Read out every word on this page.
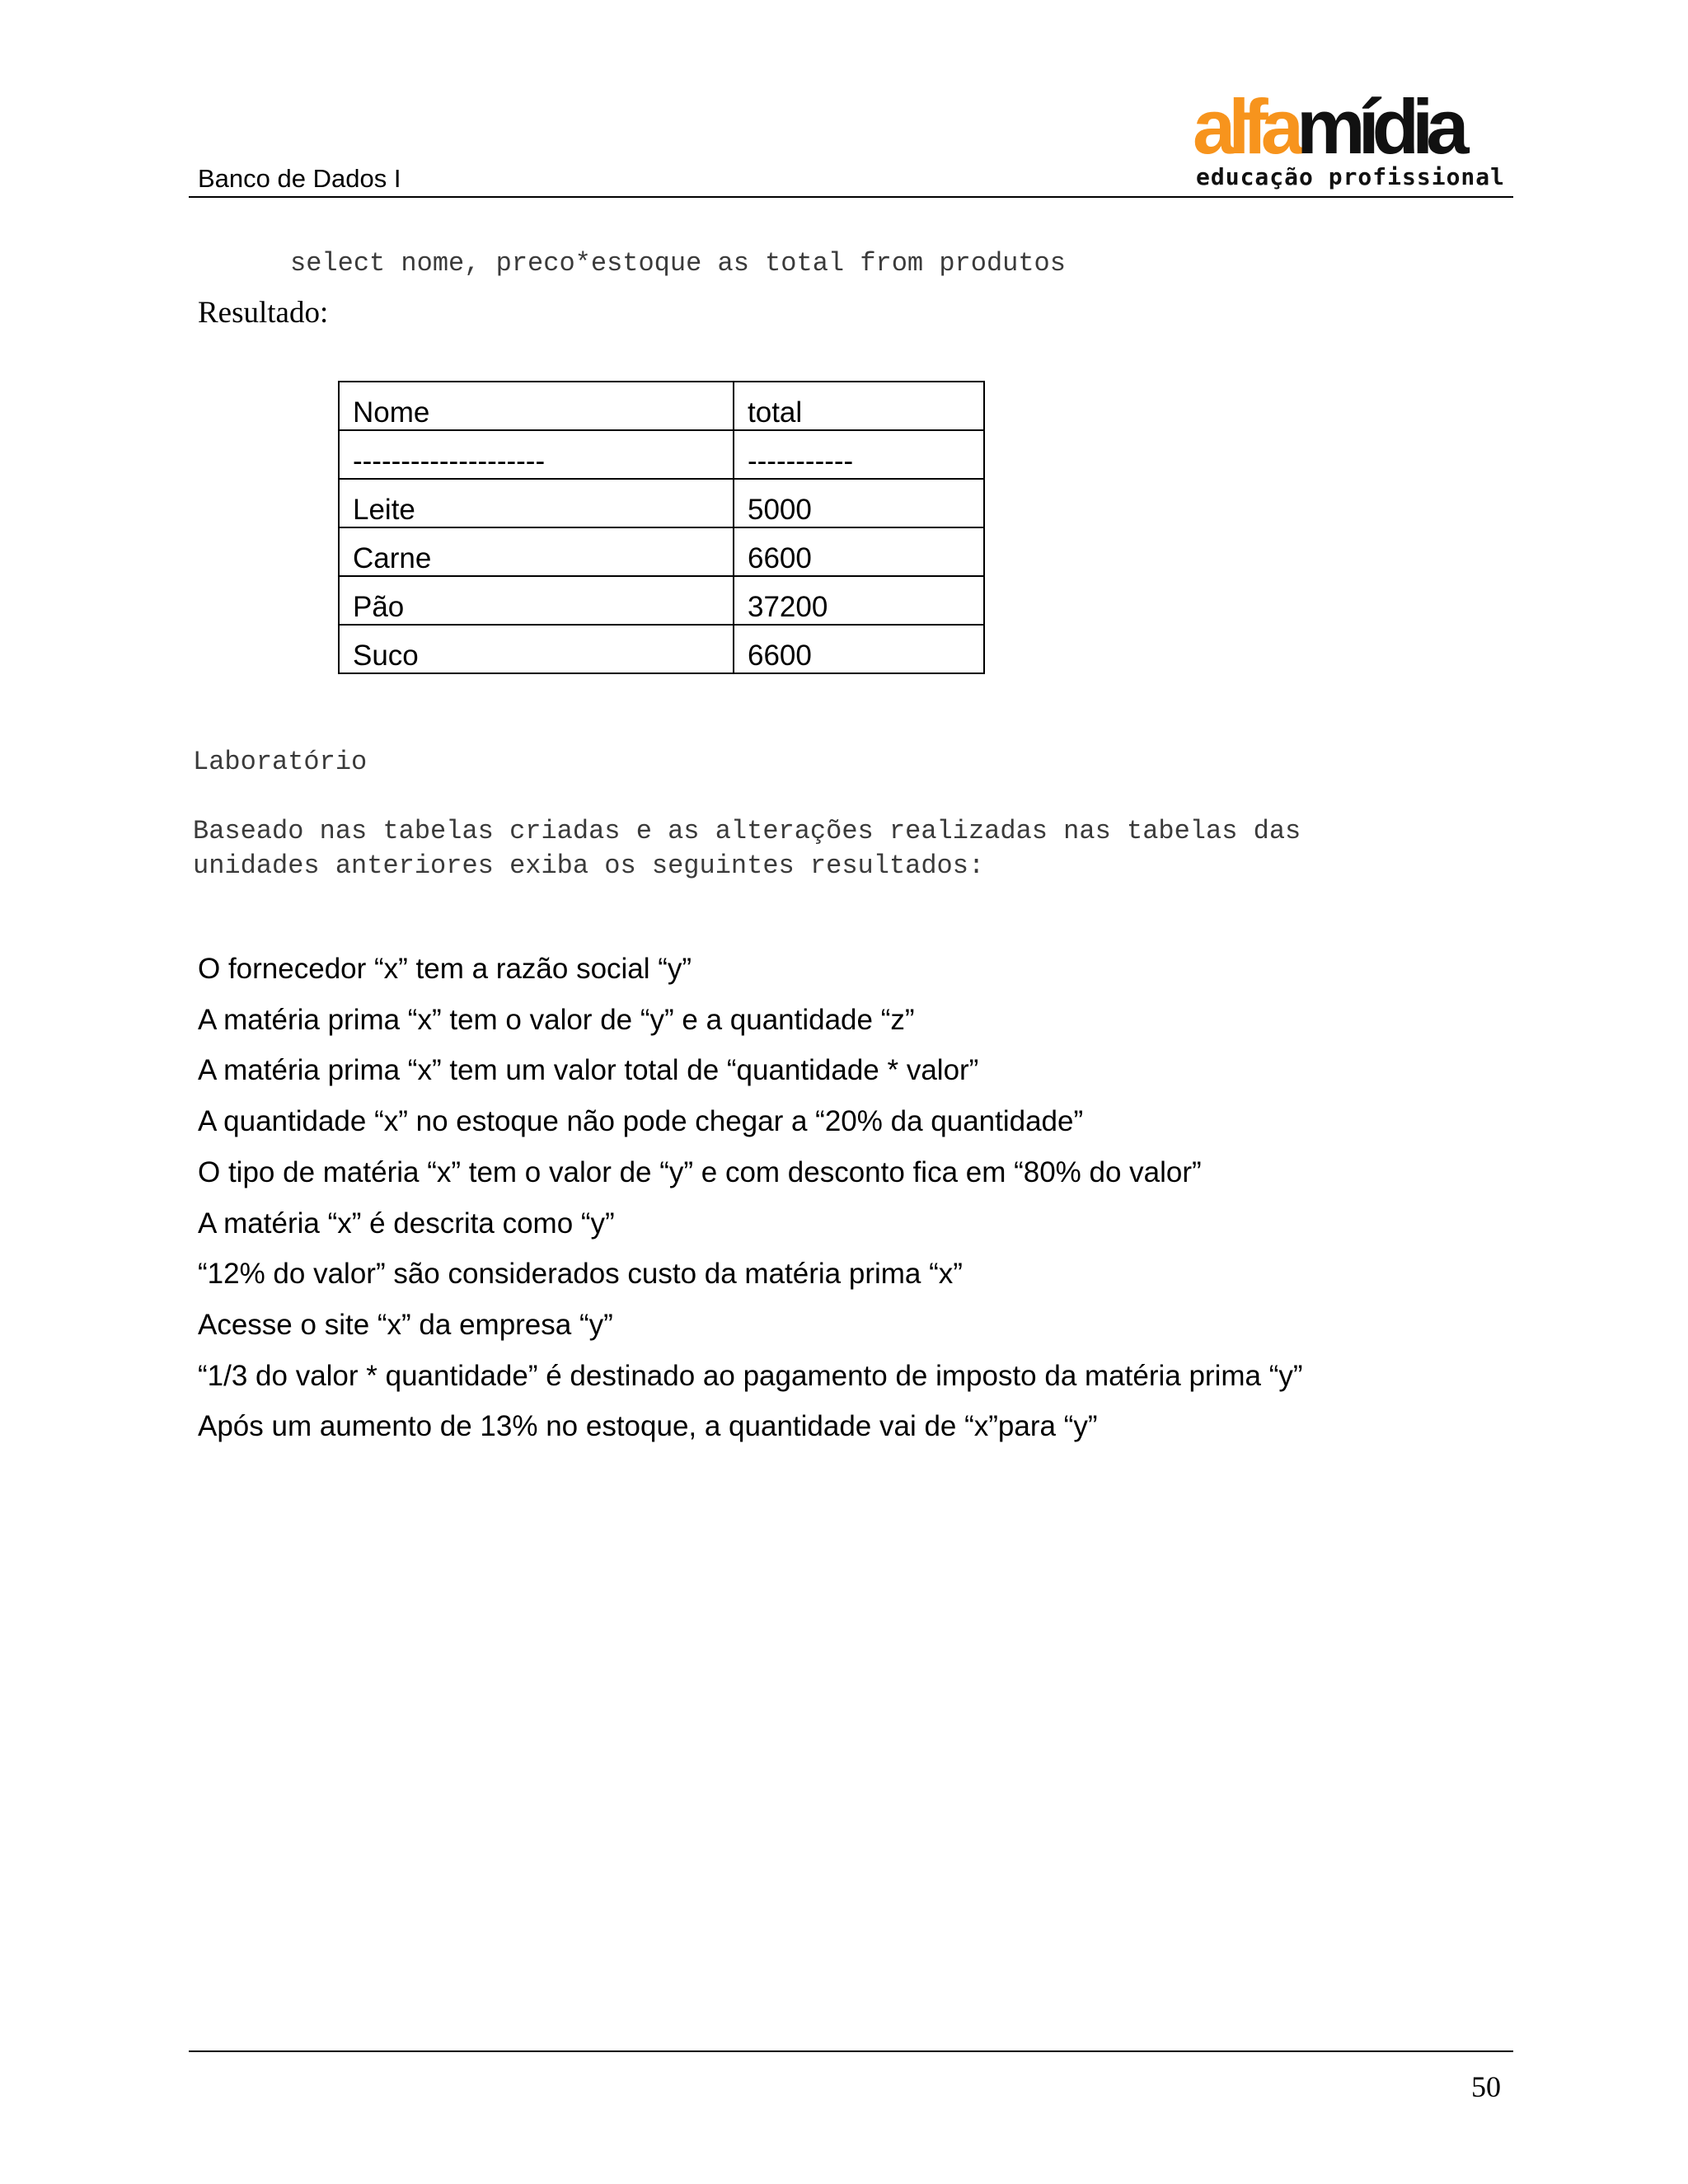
Banco de Dados I
alfamídia
educação profissional
select nome, preco*estoque as total from produtos
Resultado:
Nome	total
--------------------	-----------
Leite	5000
Carne	6600
Pão	37200
Suco	6600
Laboratório
Baseado nas tabelas criadas e as alterações realizadas nas tabelas das
unidades anteriores exiba os seguintes resultados:
O fornecedor “x” tem a razão social “y”
A matéria prima “x” tem o valor de “y” e a quantidade “z”
A matéria prima “x” tem um valor total de “quantidade * valor”
A quantidade “x” no estoque não pode chegar a “20% da quantidade”
O tipo de matéria “x” tem o valor de “y” e com desconto fica em “80% do valor”
A matéria “x” é descrita como “y”
“12% do valor” são considerados custo da matéria prima “x”
Acesse o site “x” da empresa “y”
“1/3 do valor * quantidade” é destinado ao pagamento de imposto da matéria prima “y”
Após um aumento de 13% no estoque, a quantidade vai de “x”para “y”
50
